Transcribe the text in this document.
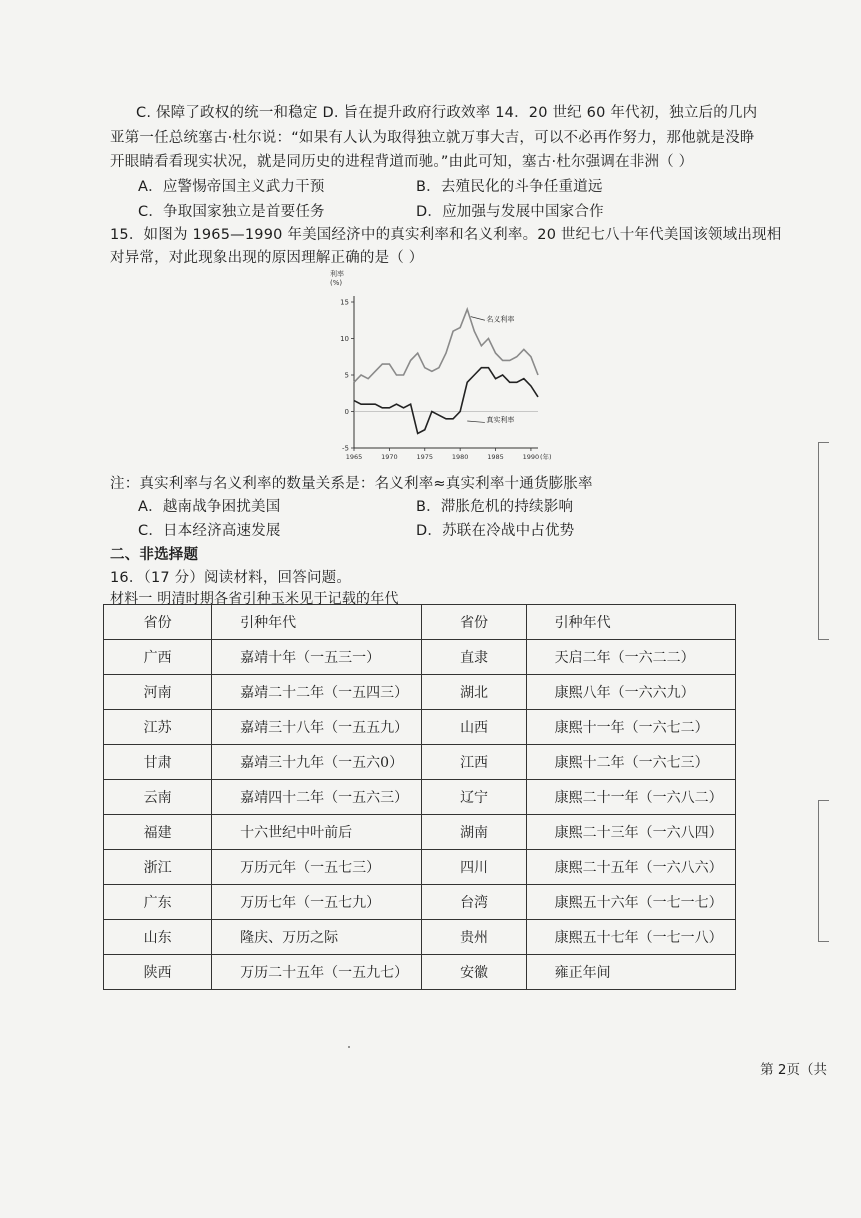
C. 保障了政权的统一和稳定 D. 旨在提升政府行政效率 14．20 世纪 60 年代初，独立后的几内
亚第一任总统塞古·杜尔说：“如果有人认为取得独立就万事大吉，可以不必再作努力，那他就是没睁
开眼睛看看现实状况，就是同历史的进程背道而驰。”由此可知，塞古·杜尔强调在非洲（ ）
A．应警惕帝国主义武力干预	B．去殖民化的斗争任重道远
C．争取国家独立是首要任务	D．应加强与发展中国家合作
15．如图为 1965—1990 年美国经济中的真实利率和名义利率。20 世纪七八十年代美国该领域出现相
对异常，对此现象出现的原因理解正确的是（ ）
利率
(%)
15
10
5
0
-5
1965	1970	1975	1980	1985	1990 (年)
名义利率
真实利率
注：真实利率与名义利率的数量关系是：名义利率≈真实利率十通货膨胀率
A．越南战争困扰美国	B．滞胀危机的持续影响
C．日本经济高速发展	D．苏联在冷战中占优势
二、非选择题
16．（17 分）阅读材料，回答问题。
材料一 明清时期各省引种玉米见于记载的年代
省份	引种年代	省份	引种年代
广西	嘉靖十年（一五三一）	直隶	天启二年（一六二二）
河南	嘉靖二十二年（一五四三）	湖北	康熙八年（一六六九）
江苏	嘉靖三十八年（一五五九）	山西	康熙十一年（一六七二）
甘肃	嘉靖三十九年（一五六0）	江西	康熙十二年（一六七三）
云南	嘉靖四十二年（一五六三）	辽宁	康熙二十一年（一六八二）
福建	十六世纪中叶前后	湖南	康熙二十三年（一六八四）
浙江	万历元年（一五七三）	四川	康熙二十五年（一六八六）
广东	万历七年（一五七九）	台湾	康熙五十六年（一七一七）
山东	隆庆、万历之际	贵州	康熙五十七年（一七一八）
陕西	万历二十五年（一五九七）	安徽	雍正年间
第 2页（共
